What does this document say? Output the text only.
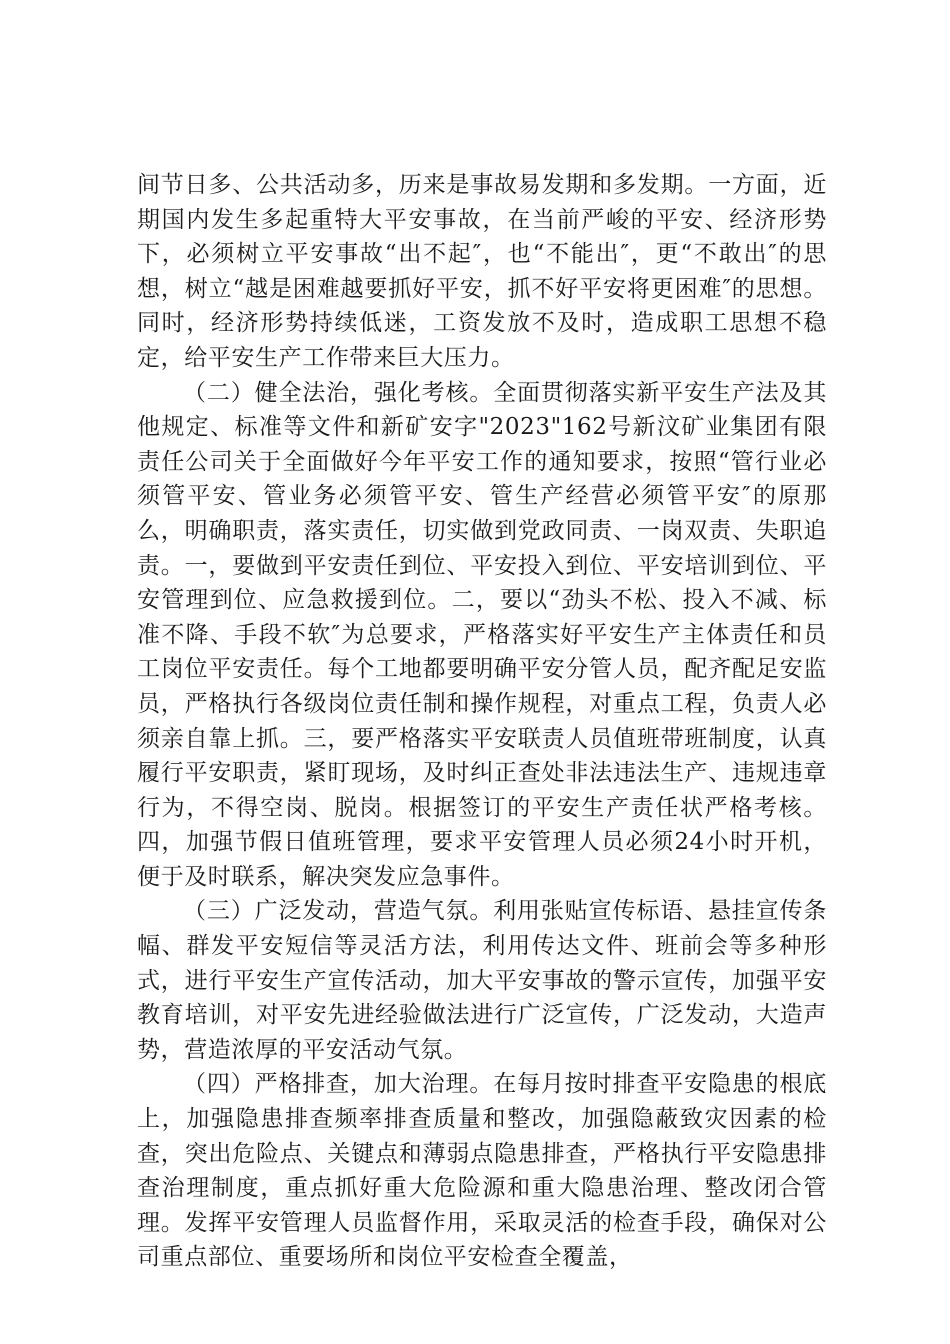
间节日多、公共活动多，历来是事故易发期和多发期。一方面，近期国内发生多起重特大平安事故，在当前严峻的平安、经济形势下，必须树立平安事故“出不起″，也“不能出″，更“不敢出″的思想，树立“越是困难越要抓好平安，抓不好平安将更困难″的思想。同时，经济形势持续低迷，工资发放不及时，造成职工思想不稳定，给平安生产工作带来巨大压力。

（二）健全法治，强化考核。全面贯彻落实新平安生产法及其他规定、标准等文件和新矿安字"2023"162号新汶矿业集团有限责任公司关于全面做好今年平安工作的通知要求，按照“管行业必须管平安、管业务必须管平安、管生产经营必须管平安″的原那么，明确职责，落实责任，切实做到党政同责、一岗双责、失职追责。一，要做到平安责任到位、平安投入到位、平安培训到位、平安管理到位、应急救援到位。二，要以“劲头不松、投入不减、标准不降、手段不软″为总要求，严格落实好平安生产主体责任和员工岗位平安责任。每个工地都要明确平安分管人员，配齐配足安监员，严格执行各级岗位责任制和操作规程，对重点工程，负责人必须亲自靠上抓。三，要严格落实平安联责人员值班带班制度，认真履行平安职责，紧盯现场，及时纠正查处非法违法生产、违规违章行为，不得空岗、脱岗。根据签订的平安生产责任状严格考核。四，加强节假日值班管理，要求平安管理人员必须24小时开机，便于及时联系，解决突发应急事件。

（三）广泛发动，营造气氛。利用张贴宣传标语、悬挂宣传条幅、群发平安短信等灵活方法，利用传达文件、班前会等多种形式，进行平安生产宣传活动，加大平安事故的警示宣传，加强平安教育培训，对平安先进经验做法进行广泛宣传，广泛发动，大造声势，营造浓厚的平安活动气氛。

（四）严格排查，加大治理。在每月按时排查平安隐患的根底上，加强隐患排查频率排查质量和整改，加强隐蔽致灾因素的检查，突出危险点、关键点和薄弱点隐患排查，严格执行平安隐患排查治理制度，重点抓好重大危险源和重大隐患治理、整改闭合管理。发挥平安管理人员监督作用，采取灵活的检查手段，确保对公司重点部位、重要场所和岗位平安检查全覆盖，
